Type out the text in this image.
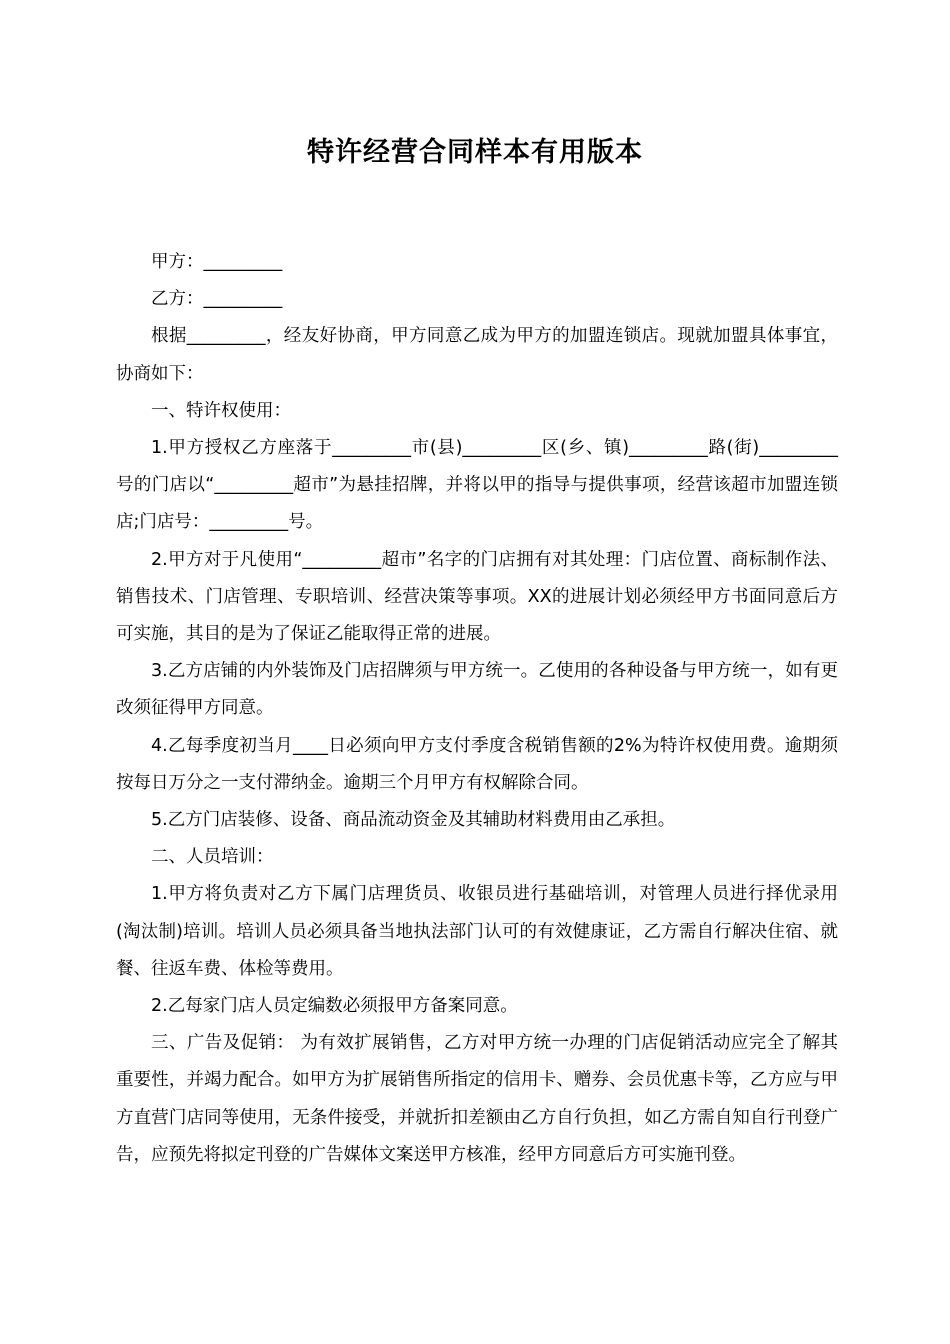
特许经营合同样本有用版本

甲方：_________

乙方：_________

根据_________，经友好协商，甲方同意乙成为甲方的加盟连锁店。现就加盟具体事宜，协商如下：

一、特许权使用：

1.甲方授权乙方座落于_________市(县)_________区(乡、镇)_________路(街)_________号的门店以“_________超市”为悬挂招牌，并将以甲的指导与提供事项，经营该超市加盟连锁店;门店号：_________号。

2.甲方对于凡使用“_________超市”名字的门店拥有对其处理：门店位置、商标制作法、销售技术、门店管理、专职培训、经营决策等事项。XX的进展计划必须经甲方书面同意后方可实施，其目的是为了保证乙能取得正常的进展。

3.乙方店铺的内外装饰及门店招牌须与甲方统一。乙使用的各种设备与甲方统一，如有更改须征得甲方同意。

4.乙每季度初当月____日必须向甲方支付季度含税销售额的2%为特许权使用费。逾期须按每日万分之一支付滞纳金。逾期三个月甲方有权解除合同。

5.乙方门店装修、设备、商品流动资金及其辅助材料费用由乙承担。

二、人员培训：

1.甲方将负责对乙方下属门店理货员、收银员进行基础培训，对管理人员进行择优录用(淘汰制)培训。培训人员必须具备当地执法部门认可的有效健康证，乙方需自行解决住宿、就餐、往返车费、体检等费用。

2.乙每家门店人员定编数必须报甲方备案同意。

三、广告及促销： 为有效扩展销售，乙方对甲方统一办理的门店促销活动应完全了解其重要性，并竭力配合。如甲方为扩展销售所指定的信用卡、赠券、会员优惠卡等，乙方应与甲方直营门店同等使用，无条件接受，并就折扣差额由乙方自行负担，如乙方需自知自行刊登广告，应预先将拟定刊登的广告媒体文案送甲方核准，经甲方同意后方可实施刊登。
